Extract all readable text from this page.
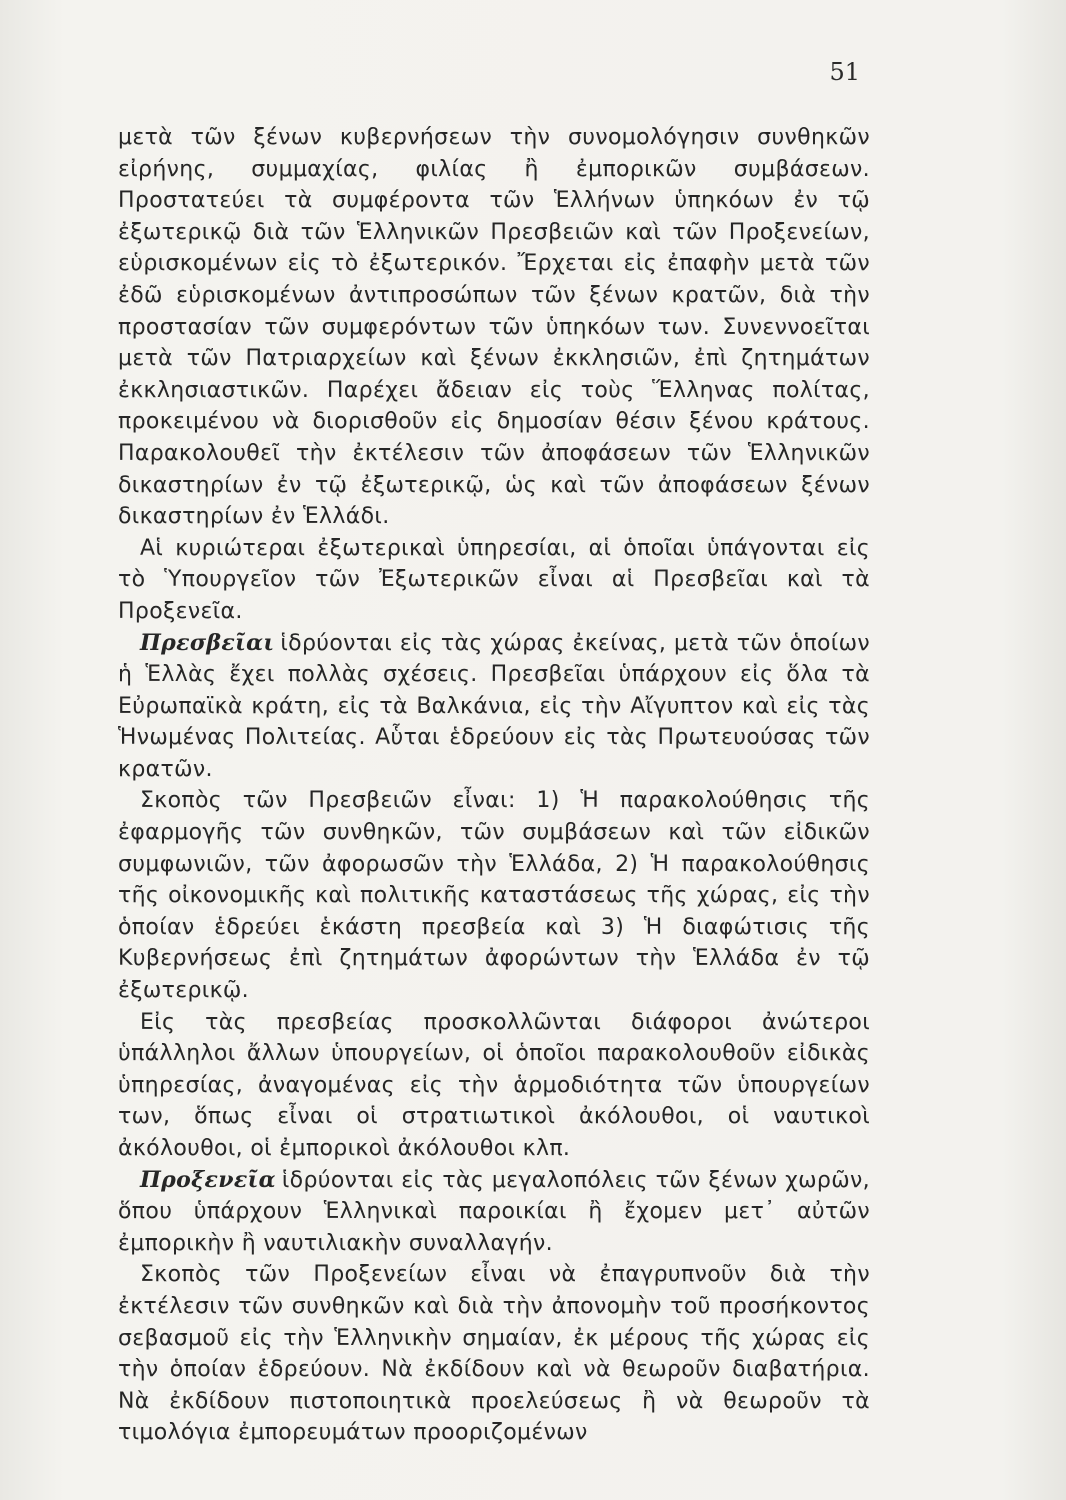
51

μετὰ τῶν ξένων κυβερνήσεων τὴν συνομολόγησιν συνθηκῶν εἰρήνης, συμμαχίας, φιλίας ἢ ἐμπορικῶν συμβάσεων. Προστατεύει τὰ συμφέροντα τῶν Ἑλλήνων ὑπηκόων ἐν τῷ ἐξωτερικῷ διὰ τῶν Ἑλληνικῶν Πρεσβειῶν καὶ τῶν Προξενείων, εὑρισκομένων εἰς τὸ ἐξωτερικόν. Ἔρχεται εἰς ἐπαφὴν μετὰ τῶν ἐδῶ εὑρισκομένων ἀντιπροσώπων τῶν ξένων κρατῶν, διὰ τὴν προστασίαν τῶν συμφερόντων τῶν ὑπηκόων των. Συνεννοεῖται μετὰ τῶν Πατριαρχείων καὶ ξένων ἐκκλησιῶν, ἐπὶ ζητημάτων ἐκκλησιαστικῶν. Παρέχει ἄδειαν εἰς τοὺς Ἕλληνας πολίτας, προκειμένου νὰ διορισθοῦν εἰς δημοσίαν θέσιν ξένου κράτους. Παρακολουθεῖ τὴν ἐκτέλεσιν τῶν ἀποφάσεων τῶν Ἑλληνικῶν δικαστηρίων ἐν τῷ ἐξωτερικῷ, ὡς καὶ τῶν ἀποφάσεων ξένων δικαστηρίων ἐν Ἑλλάδι.

Αἱ κυριώτεραι ἐξωτερικαὶ ὑπηρεσίαι, αἱ ὁποῖαι ὑπάγονται εἰς τὸ Ὑπουργεῖον τῶν Ἐξωτερικῶν εἶναι αἱ Πρεσβεῖαι καὶ τὰ Προξενεῖα.

Πρεσβεῖαι ἱδρύονται εἰς τὰς χώρας ἐκείνας, μετὰ τῶν ὁποίων ἡ Ἑλλὰς ἔχει πολλὰς σχέσεις. Πρεσβεῖαι ὑπάρχουν εἰς ὅλα τὰ Εὐρωπαϊκὰ κράτη, εἰς τὰ Βαλκάνια, εἰς τὴν Αἴγυπτον καὶ εἰς τὰς Ἡνωμένας Πολιτείας. Αὗται ἑδρεύουν εἰς τὰς Πρωτευούσας τῶν κρατῶν.

Σκοπὸς τῶν Πρεσβειῶν εἶναι: 1) Ἡ παρακολούθησις τῆς ἐφαρμογῆς τῶν συνθηκῶν, τῶν συμβάσεων καὶ τῶν εἰδικῶν συμφωνιῶν, τῶν ἀφορωσῶν τὴν Ἑλλάδα, 2) Ἡ παρακολούθησις τῆς οἰκονομικῆς καὶ πολιτικῆς καταστάσεως τῆς χώρας, εἰς τὴν ὁποίαν ἑδρεύει ἑκάστη πρεσβεία καὶ 3) Ἡ διαφώτισις τῆς Κυβερνήσεως ἐπὶ ζητημάτων ἀφορώντων τὴν Ἑλλάδα ἐν τῷ ἐξωτερικῷ.

Εἰς τὰς πρεσβείας προσκολλῶνται διάφοροι ἀνώτεροι ὑπάλληλοι ἄλλων ὑπουργείων, οἱ ὁποῖοι παρακολουθοῦν εἰδικὰς ὑπηρεσίας, ἀναγομένας εἰς τὴν ἁρμοδιότητα τῶν ὑπουργείων των, ὅπως εἶναι οἱ στρατιωτικοὶ ἀκόλουθοι, οἱ ναυτικοὶ ἀκόλουθοι, οἱ ἐμπορικοὶ ἀκόλουθοι κλπ.

Προξενεῖα ἱδρύονται εἰς τὰς μεγαλοπόλεις τῶν ξένων χωρῶν, ὅπου ὑπάρχουν Ἑλληνικαὶ παροικίαι ἢ ἔχομεν μετ᾽ αὐτῶν ἐμπορικὴν ἢ ναυτιλιακὴν συναλλαγήν.

Σκοπὸς τῶν Προξενείων εἶναι νὰ ἐπαγρυπνοῦν διὰ τὴν ἐκτέλεσιν τῶν συνθηκῶν καὶ διὰ τὴν ἀπονομὴν τοῦ προσήκοντος σεβασμοῦ εἰς τὴν Ἑλληνικὴν σημαίαν, ἐκ μέρους τῆς χώρας εἰς τὴν ὁποίαν ἑδρεύουν. Νὰ ἐκδίδουν καὶ νὰ θεωροῦν διαβατήρια. Νὰ ἐκδίδουν πιστοποιητικὰ προελεύσεως ἢ νὰ θεωροῦν τὰ τιμολόγια ἐμπορευμάτων προοριζομένων
